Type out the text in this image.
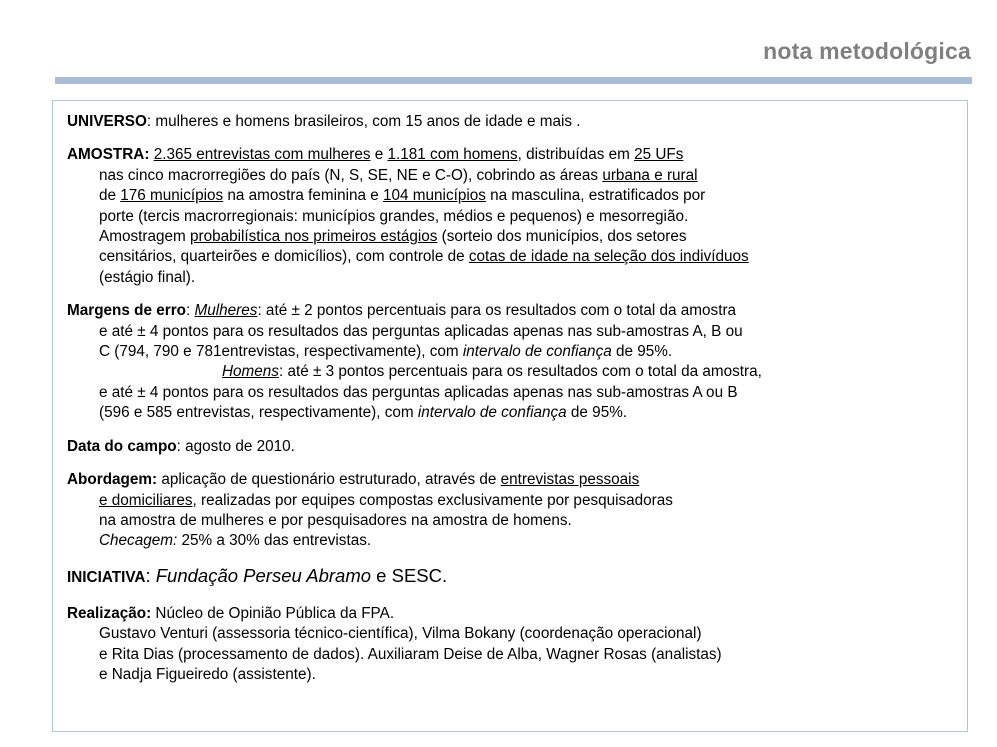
nota metodológica

UNIVERSO: mulheres e homens brasileiros, com 15 anos de idade e mais .

AMOSTRA: 2.365 entrevistas com mulheres e 1.181 com homens, distribuídas em 25 UFs
nas cinco macrorregiões do país (N, S, SE, NE e C-O), cobrindo as áreas urbana e rural
de 176 municípios na amostra feminina e 104 municípios na masculina, estratificados por
porte (tercis macrorregionais: municípios grandes, médios e pequenos) e mesorregião.
Amostragem probabilística nos primeiros estágios (sorteio dos municípios, dos setores
censitários, quarteirões e domicílios), com controle de cotas de idade na seleção dos indivíduos
(estágio final).

Margens de erro: Mulheres: até ± 2 pontos percentuais para os resultados com o total da amostra
e até ± 4 pontos para os resultados das perguntas aplicadas apenas nas sub-amostras A, B ou
C (794, 790 e 781entrevistas, respectivamente), com intervalo de confiança de 95%.
Homens: até ± 3 pontos percentuais para os resultados com o total da amostra,
e até ± 4 pontos para os resultados das perguntas aplicadas apenas nas sub-amostras A ou B
(596 e 585 entrevistas, respectivamente), com intervalo de confiança de 95%.

Data do campo: agosto de 2010.

Abordagem: aplicação de questionário estruturado, através de entrevistas pessoais
e domiciliares, realizadas por equipes compostas exclusivamente por pesquisadoras
na amostra de mulheres e por pesquisadores na amostra de homens.
Checagem: 25% a 30% das entrevistas.

INICIATIVA: Fundação Perseu Abramo e SESC.

Realização: Núcleo de Opinião Pública da FPA.
Gustavo Venturi (assessoria técnico-científica), Vilma Bokany (coordenação operacional)
e Rita Dias (processamento de dados). Auxiliaram Deise de Alba, Wagner Rosas (analistas)
e Nadja Figueiredo (assistente).
